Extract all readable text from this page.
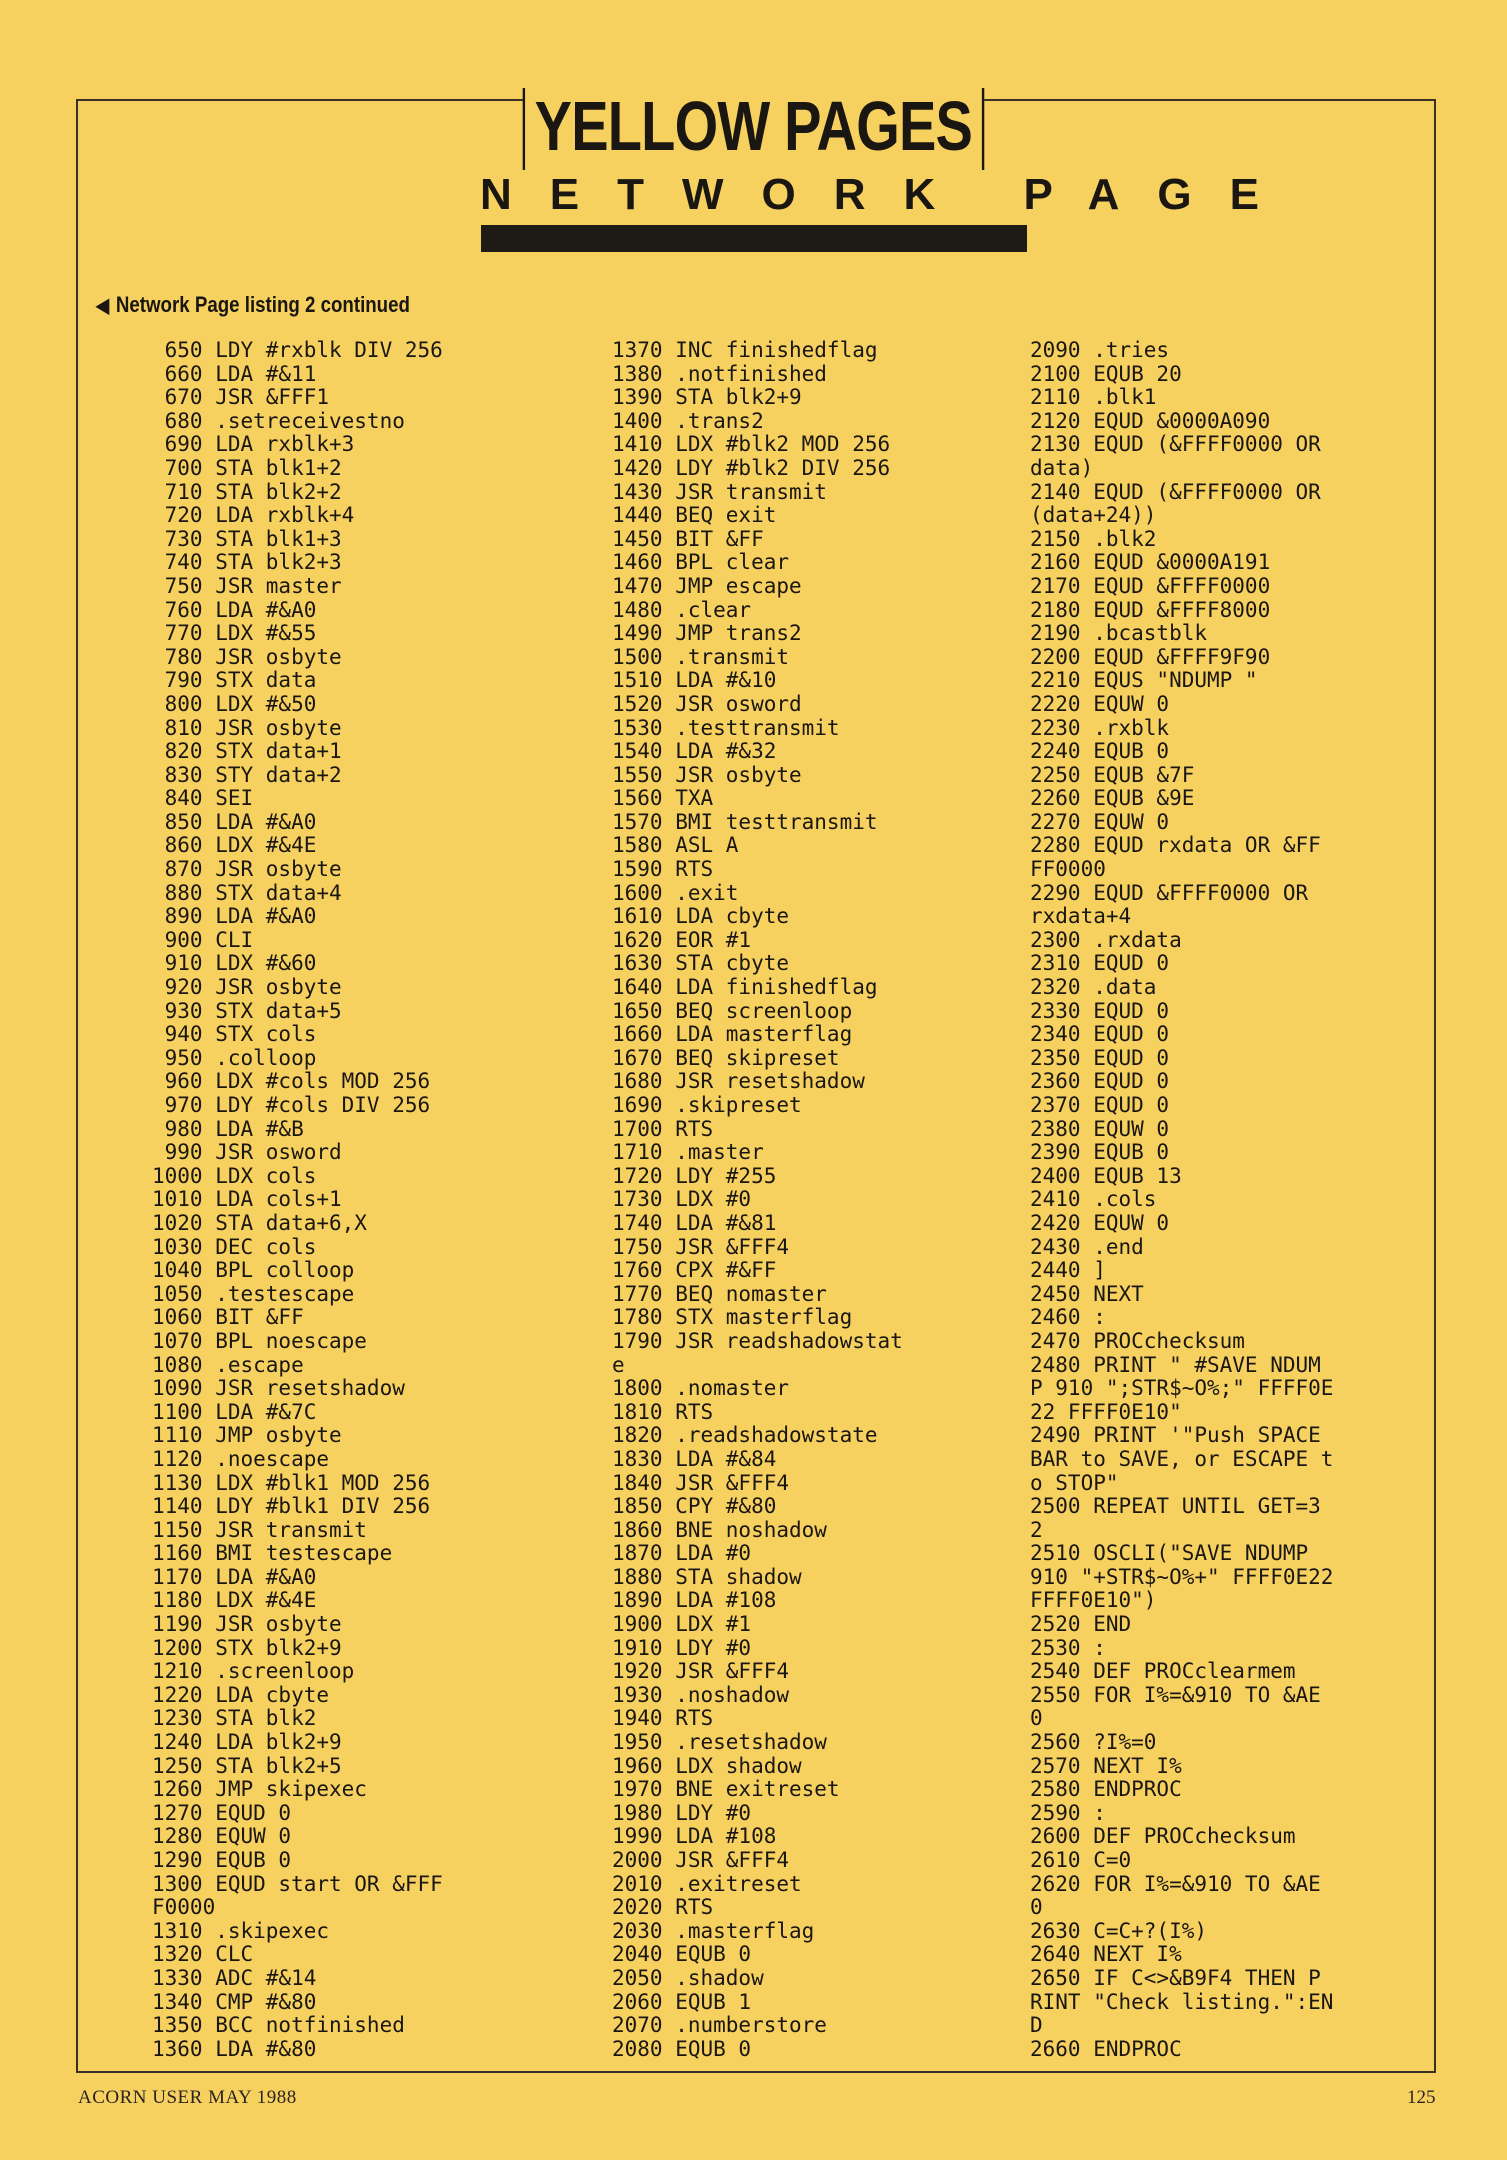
YELLOW PAGES
NETWORK PAGE
◀ Network Page listing 2 continued
650 LDY #rxblk DIV 256
660 LDA #&11
670 JSR &FFF1
680 .setreceivestno
690 LDA rxblk+3
700 STA blk1+2
710 STA blk2+2
720 LDA rxblk+4
730 STA blk1+3
740 STA blk2+3
750 JSR master
760 LDA #&A0
770 LDX #&55
780 JSR osbyte
790 STX data
800 LDX #&50
810 JSR osbyte
820 STX data+1
830 STY data+2
840 SEI
850 LDA #&A0
860 LDX #&4E
870 JSR osbyte
880 STX data+4
890 LDA #&A0
900 CLI
910 LDX #&60
920 JSR osbyte
930 STX data+5
940 STX cols
950 .colloop
960 LDX #cols MOD 256
970 LDY #cols DIV 256
980 LDA #&B
990 JSR osword
1000 LDX cols
1010 LDA cols+1
1020 STA data+6,X
1030 DEC cols
1040 BPL colloop
1050 .testescape
1060 BIT &FF
1070 BPL noescape
1080 .escape
1090 JSR resetshadow
1100 LDA #&7C
1110 JMP osbyte
1120 .noescape
1130 LDX #blk1 MOD 256
1140 LDY #blk1 DIV 256
1150 JSR transmit
1160 BMI testescape
1170 LDA #&A0
1180 LDX #&4E
1190 JSR osbyte
1200 STX blk2+9
1210 .screenloop
1220 LDA cbyte
1230 STA blk2
1240 LDA blk2+9
1250 STA blk2+5
1260 JMP skipexec
1270 EQUD 0
1280 EQUW 0
1290 EQUB 0
1300 EQUD start OR &FFF
F0000
1310 .skipexec
1320 CLC
1330 ADC #&14
1340 CMP #&80
1350 BCC notfinished
1360 LDA #&80
1370 INC finishedflag
1380 .notfinished
1390 STA blk2+9
1400 .trans2
1410 LDX #blk2 MOD 256
1420 LDY #blk2 DIV 256
1430 JSR transmit
1440 BEQ exit
1450 BIT &FF
1460 BPL clear
1470 JMP escape
1480 .clear
1490 JMP trans2
1500 .transmit
1510 LDA #&10
1520 JSR osword
1530 .testtransmit
1540 LDA #&32
1550 JSR osbyte
1560 TXA
1570 BMI testtransmit
1580 ASL A
1590 RTS
1600 .exit
1610 LDA cbyte
1620 EOR #1
1630 STA cbyte
1640 LDA finishedflag
1650 BEQ screenloop
1660 LDA masterflag
1670 BEQ skipreset
1680 JSR resetshadow
1690 .skipreset
1700 RTS
1710 .master
1720 LDY #255
1730 LDX #0
1740 LDA #&81
1750 JSR &FFF4
1760 CPX #&FF
1770 BEQ nomaster
1780 STX masterflag
1790 JSR readshadowstat
e
1800 .nomaster
1810 RTS
1820 .readshadowstate
1830 LDA #&84
1840 JSR &FFF4
1850 CPY #&80
1860 BNE noshadow
1870 LDA #0
1880 STA shadow
1890 LDA #108
1900 LDX #1
1910 LDY #0
1920 JSR &FFF4
1930 .noshadow
1940 RTS
1950 .resetshadow
1960 LDX shadow
1970 BNE exitreset
1980 LDY #0
1990 LDA #108
2000 JSR &FFF4
2010 .exitreset
2020 RTS
2030 .masterflag
2040 EQUB 0
2050 .shadow
2060 EQUB 1
2070 .numberstore
2080 EQUB 0
2090 .tries
2100 EQUB 20
2110 .blk1
2120 EQUD &0000A090
2130 EQUD (&FFFF0000 OR
data)
2140 EQUD (&FFFF0000 OR
(data+24))
2150 .blk2
2160 EQUD &0000A191
2170 EQUD &FFFF0000
2180 EQUD &FFFF8000
2190 .bcastblk
2200 EQUD &FFFF9F90
2210 EQUS "NDUMP "
2220 EQUW 0
2230 .rxblk
2240 EQUB 0
2250 EQUB &7F
2260 EQUB &9E
2270 EQUW 0
2280 EQUD rxdata OR &FF
FF0000
2290 EQUD &FFFF0000 OR
rxdata+4
2300 .rxdata
2310 EQUD 0
2320 .data
2330 EQUD 0
2340 EQUD 0
2350 EQUD 0
2360 EQUD 0
2370 EQUD 0
2380 EQUW 0
2390 EQUB 0
2400 EQUB 13
2410 .cols
2420 EQUW 0
2430 .end
2440 ]
2450 NEXT
2460 :
2470 PROCchecksum
2480 PRINT " #SAVE NDUM
P 910 ";STR$~O%;" FFFF0E
22 FFFF0E10"
2490 PRINT '"Push SPACE
BAR to SAVE, or ESCAPE t
o STOP"
2500 REPEAT UNTIL GET=3
2
2510 OSCLI("SAVE NDUMP
910 "+STR$~O%+" FFFF0E22
FFFF0E10")
2520 END
2530 :
2540 DEF PROCclearmem
2550 FOR I%=&910 TO &AE
0
2560 ?I%=0
2570 NEXT I%
2580 ENDPROC
2590 :
2600 DEF PROCchecksum
2610 C=0
2620 FOR I%=&910 TO &AE
0
2630 C=C+?(I%)
2640 NEXT I%
2650 IF C<>&B9F4 THEN P
RINT "Check listing.":EN
D
2660 ENDPROC
ACORN USER MAY 1988	125
